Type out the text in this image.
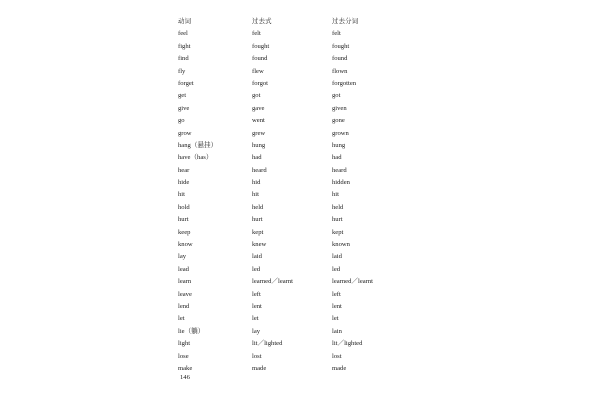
动词
feel
fight
find
fly
forget
get
give
go
grow
hang（悬挂）
have（has）
hear
hide
hit
hold
hurt
keep
know
lay
lead
learn
leave
lend
let
lie（躺）
light
lose
make
过去式
felt
fought
found
flew
forgot
got
gave
went
grew
hung
had
heard
hid
hit
held
hurt
kept
knew
laid
led
learned／learnt
left
lent
let
lay
lit／lighted
lost
made
过去分词
felt
fought
found
flown
forgotten
got
given
gone
grown
hung
had
heard
hidden
hit
held
hurt
kept
known
laid
led
learned／learnt
left
lent
let
lain
lit／lighted
lost
made
146
